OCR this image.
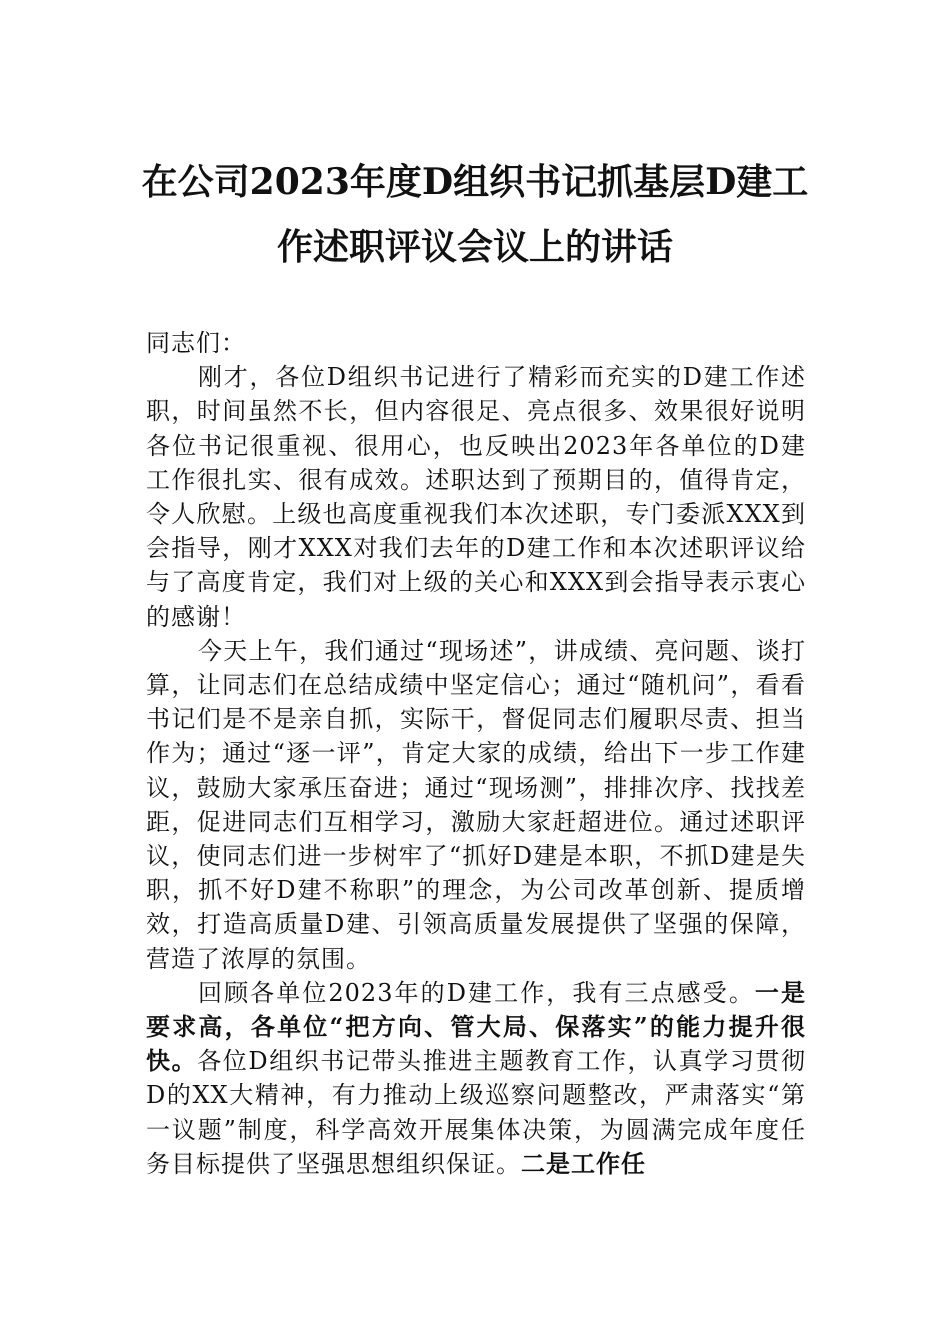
在公司2023年度D组织书记抓基层D建工
作述职评议会议上的讲话

同志们：

刚才，各位D组织书记进行了精彩而充实的D建工作述职，时间虽然不长，但内容很足、亮点很多、效果很好说明各位书记很重视、很用心，也反映出2023年各单位的D建工作很扎实、很有成效。述职达到了预期目的，值得肯定，令人欣慰。上级也高度重视我们本次述职，专门委派XXX到会指导，刚才XXX对我们去年的D建工作和本次述职评议给与了高度肯定，我们对上级的关心和XXX到会指导表示衷心的感谢！

今天上午，我们通过“现场述”，讲成绩、亮问题、谈打算，让同志们在总结成绩中坚定信心；通过“随机问”，看看书记们是不是亲自抓，实际干，督促同志们履职尽责、担当作为；通过“逐一评”，肯定大家的成绩，给出下一步工作建议，鼓励大家承压奋进；通过“现场测”，排排次序、找找差距，促进同志们互相学习，激励大家赶超进位。通过述职评议，使同志们进一步树牢了“抓好D建是本职，不抓D建是失职，抓不好D建不称职”的理念，为公司改革创新、提质增效，打造高质量D建、引领高质量发展提供了坚强的保障，营造了浓厚的氛围。

回顾各单位2023年的D建工作，我有三点感受。一是要求高，各单位“把方向、管大局、保落实”的能力提升很快。各位D组织书记带头推进主题教育工作，认真学习贯彻D的XX大精神，有力推动上级巡察问题整改，严肃落实“第一议题”制度，科学高效开展集体决策，为圆满完成年度任务目标提供了坚强思想组织保证。二是工作任
